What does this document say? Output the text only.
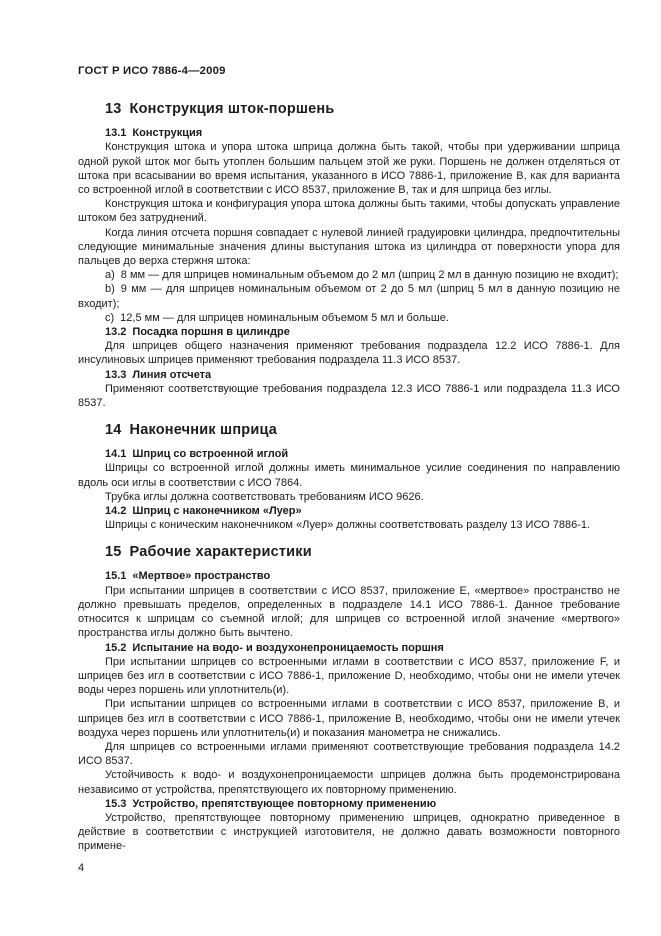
ГОСТ Р ИСО 7886-4—2009
13 Конструкция шток-поршень
13.1 Конструкция

Конструкция штока и упора штока шприца должна быть такой, чтобы при удерживании шприца одной рукой шток мог быть утоплен большим пальцем этой же руки. Поршень не должен отделяться от штока при всасывании во время испытания, указанного в ИСО 7886-1, приложение B, как для варианта со встроенной иглой в соответствии с ИСО 8537, приложение B, так и для шприца без иглы.

Конструкция штока и конфигурация упора штока должны быть такими, чтобы допускать управление штоком без затруднений.

Когда линия отсчета поршня совпадает с нулевой линией градуировки цилиндра, предпочтительны следующие минимальные значения длины выступания штока из цилиндра от поверхности упора для пальцев до верха стержня штока:

a) 8 мм — для шприцев номинальным объемом до 2 мл (шприц 2 мл в данную позицию не входит);

b) 9 мм — для шприцев номинальным объемом от 2 до 5 мл (шприц 5 мл в данную позицию не входит);

c) 12,5 мм — для шприцев номинальным объемом 5 мл и больше.

13.2 Посадка поршня в цилиндре

Для шприцев общего назначения применяют требования подраздела 12.2 ИСО 7886-1. Для инсулиновых шприцев применяют требования подраздела 11.3 ИСО 8537.

13.3 Линия отсчета

Применяют соответствующие требования подраздела 12.3 ИСО 7886-1 или подраздела 11.3 ИСО 8537.

14 Наконечник шприца
14.1 Шприц со встроенной иглой

Шприцы со встроенной иглой должны иметь минимальное усилие соединения по направлению вдоль оси иглы в соответствии с ИСО 7864.

Трубка иглы должна соответствовать требованиям ИСО 9626.

14.2 Шприц с наконечником «Луер»

Шприцы с коническим наконечником «Луер» должны соответствовать разделу 13 ИСО 7886-1.

15 Рабочие характеристики
15.1 «Мертвое» пространство

При испытании шприцев в соответствии с ИСО 8537, приложение E, «мертвое» пространство не должно превышать пределов, определенных в подразделе 14.1 ИСО 7886-1. Данное требование относится к шприцам со съемной иглой; для шприцев со встроенной иглой значение «мертвого» пространства иглы должно быть вычтено.

15.2 Испытание на водо- и воздухонепроницаемость поршня

При испытании шприцев со встроенными иглами в соответствии с ИСО 8537, приложение F, и шприцев без игл в соответствии с ИСО 7886-1, приложение D, необходимо, чтобы они не имели утечек воды через поршень или уплотнитель(и).

При испытании шприцев со встроенными иглами в соответствии с ИСО 8537, приложение B, и шприцев без игл в соответствии с ИСО 7886-1, приложение B, необходимо, чтобы они не имели утечек воздуха через поршень или уплотнитель(и) и показания манометра не снижались.

Для шприцев со встроенными иглами применяют соответствующие требования подраздела 14.2 ИСО 8537.

Устойчивость к водо- и воздухонепроницаемости шприцев должна быть продемонстрирована независимо от устройства, препятствующего их повторному применению.

15.3 Устройство, препятствующее повторному применению

Устройство, препятствующее повторному применению шприцев, однократно приведенное в действие в соответствии с инструкцией изготовителя, не должно давать возможности повторного примене-

4
